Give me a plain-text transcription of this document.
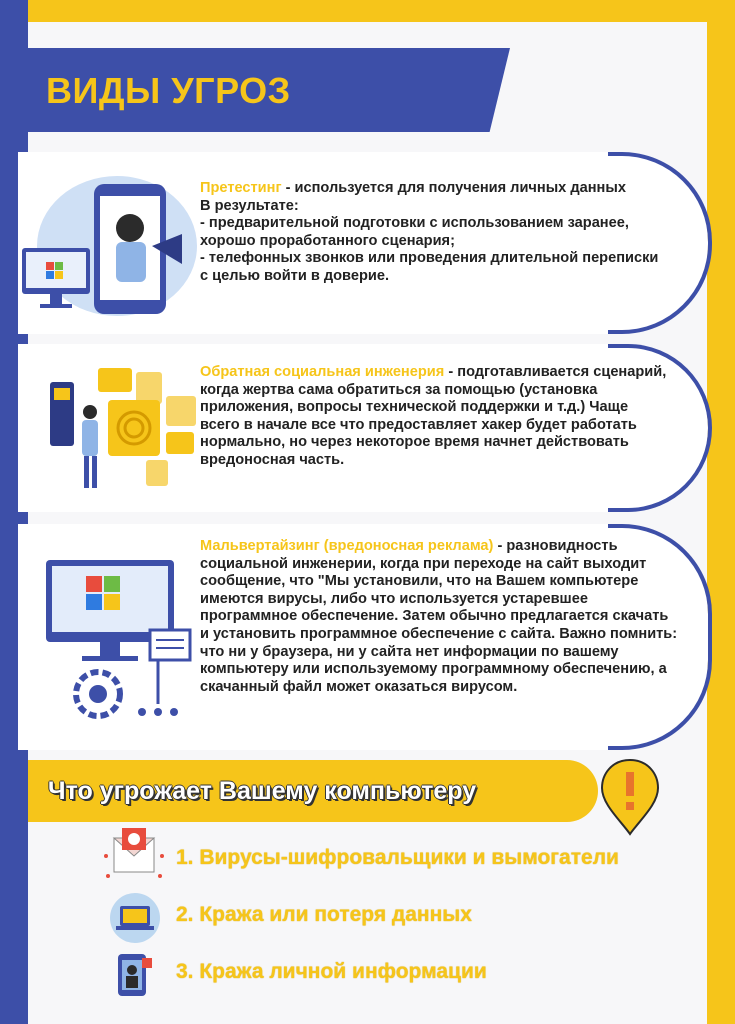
ВИДЫ УГРОЗ
Претестинг - используется для получения личных данных
В результате:
- предварительной подготовки с использованием заранее, хорошо проработанного сценария;
- телефонных звонков или проведения длительной переписки с целью войти в доверие.
Обратная социальная инженерия - подготавливается сценарий, когда жертва сама обратиться за помощью (установка приложения, вопросы технической поддержки и т.д.) Чаще всего в начале все что предоставляет хакер будет работать нормально, но через некоторое время начнет действовать вредоносная часть.
Мальвертайзинг (вредоносная реклама) - разновидность социальной инженерии, когда при переходе на сайт выходит сообщение, что "Мы установили, что на Вашем компьютере имеются вирусы, либо что используется устаревшее программное обеспечение. Затем обычно предлагается скачать и установить программное обеспечение с сайта. Важно помнить: что ни у браузера, ни у сайта нет информации по вашему компьютеру или используемому программному обеспечению, а скачанный файл может оказаться вирусом.
Что угрожает Вашему компьютеру
1. Вирусы-шифровальщики и вымогатели
2. Кража или потеря данных
3. Кража личной информации
